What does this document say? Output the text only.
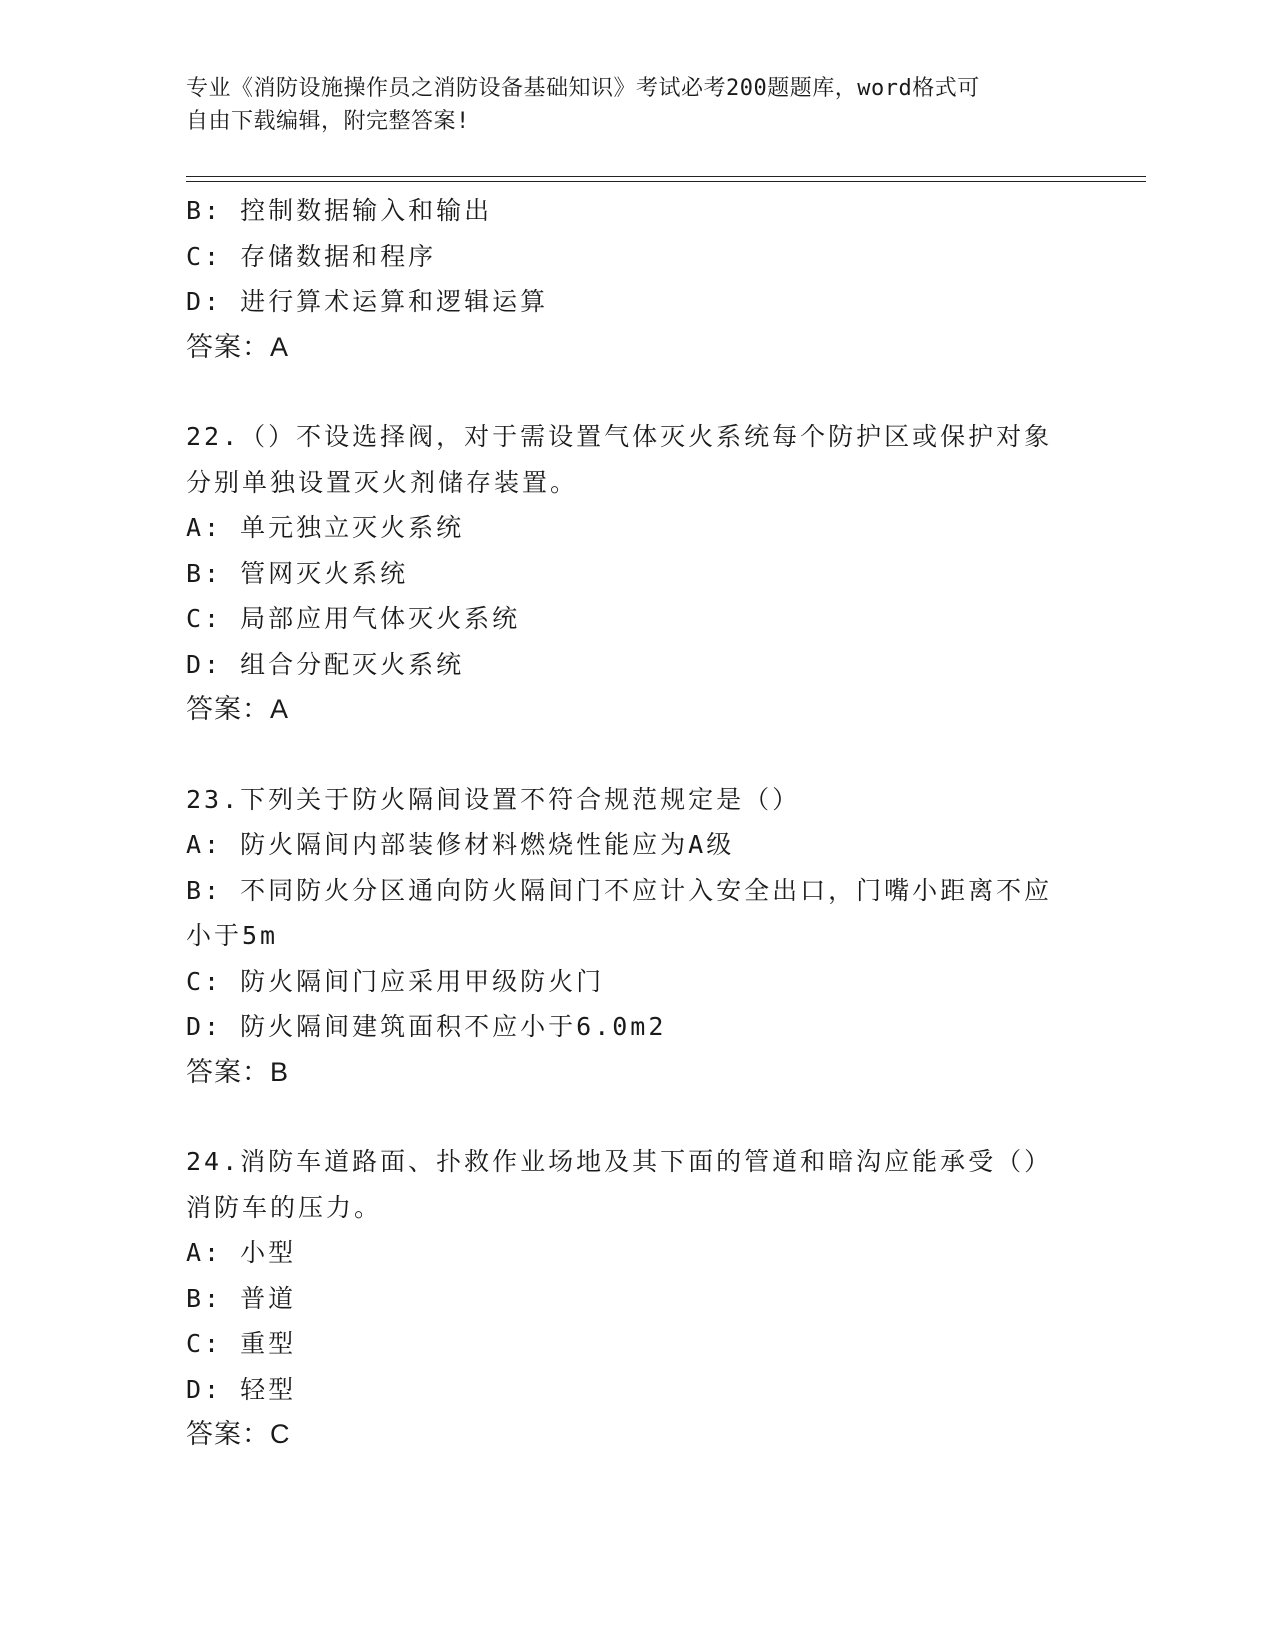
专业《消防设施操作员之消防设备基础知识》考试必考200题题库，word格式可
自由下载编辑，附完整答案!
B: 控制数据输入和输出
C: 存储数据和程序
D: 进行算术运算和逻辑运算
答案：A
22.（）不设选择阀，对于需设置气体灭火系统每个防护区或保护对象
分别单独设置灭火剂储存装置。
A: 单元独立灭火系统
B: 管网灭火系统
C: 局部应用气体灭火系统
D: 组合分配灭火系统
答案：A
23.下列关于防火隔间设置不符合规范规定是（）
A: 防火隔间内部装修材料燃烧性能应为A级
B: 不同防火分区通向防火隔间门不应计入安全出口，门嘴小距离不应
小于5m
C: 防火隔间门应采用甲级防火门
D: 防火隔间建筑面积不应小于6.0m2
答案：B
24.消防车道路面、扑救作业场地及其下面的管道和暗沟应能承受（）
消防车的压力。
A: 小型
B: 普道
C: 重型
D: 轻型
答案：C
